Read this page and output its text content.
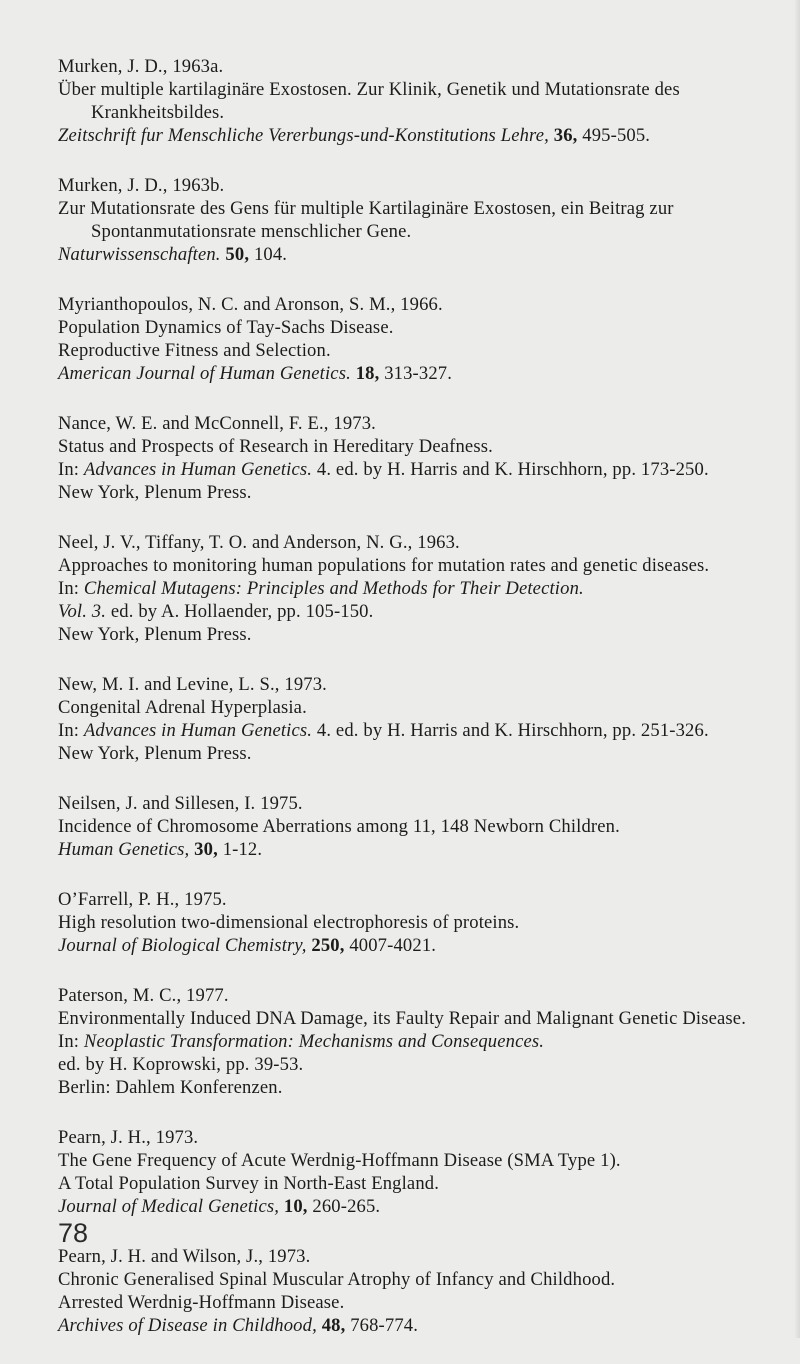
Murken, J. D., 1963a.
Über multiple kartilaginäre Exostosen. Zur Klinik, Genetik und Mutationsrate des
Krankheitsbildes.
Zeitschrift fur Menschliche Vererbungs-und-Konstitutions Lehre, 36, 495-505.
Murken, J. D., 1963b.
Zur Mutationsrate des Gens für multiple Kartilaginäre Exostosen, ein Beitrag zur
Spontanmutationsrate menschlicher Gene.
Naturwissenschaften. 50, 104.
Myrianthopoulos, N. C. and Aronson, S. M., 1966.
Population Dynamics of Tay-Sachs Disease.
Reproductive Fitness and Selection.
American Journal of Human Genetics. 18, 313-327.
Nance, W. E. and McConnell, F. E., 1973.
Status and Prospects of Research in Hereditary Deafness.
In: Advances in Human Genetics. 4. ed. by H. Harris and K. Hirschhorn, pp. 173-250.
New York, Plenum Press.
Neel, J. V., Tiffany, T. O. and Anderson, N. G., 1963.
Approaches to monitoring human populations for mutation rates and genetic diseases.
In: Chemical Mutagens: Principles and Methods for Their Detection.
Vol. 3. ed. by A. Hollaender, pp. 105-150.
New York, Plenum Press.
New, M. I. and Levine, L. S., 1973.
Congenital Adrenal Hyperplasia.
In: Advances in Human Genetics. 4. ed. by H. Harris and K. Hirschhorn, pp. 251-326.
New York, Plenum Press.
Neilsen, J. and Sillesen, I. 1975.
Incidence of Chromosome Aberrations among 11, 148 Newborn Children.
Human Genetics, 30, 1-12.
O’Farrell, P. H., 1975.
High resolution two-dimensional electrophoresis of proteins.
Journal of Biological Chemistry, 250, 4007-4021.
Paterson, M. C., 1977.
Environmentally Induced DNA Damage, its Faulty Repair and Malignant Genetic Disease.
In: Neoplastic Transformation: Mechanisms and Consequences.
ed. by H. Koprowski, pp. 39-53.
Berlin: Dahlem Konferenzen.
Pearn, J. H., 1973.
The Gene Frequency of Acute Werdnig-Hoffmann Disease (SMA Type 1).
A Total Population Survey in North-East England.
Journal of Medical Genetics, 10, 260-265.
Pearn, J. H. and Wilson, J., 1973.
Chronic Generalised Spinal Muscular Atrophy of Infancy and Childhood.
Arrested Werdnig-Hoffmann Disease.
Archives of Disease in Childhood, 48, 768-774.
78
